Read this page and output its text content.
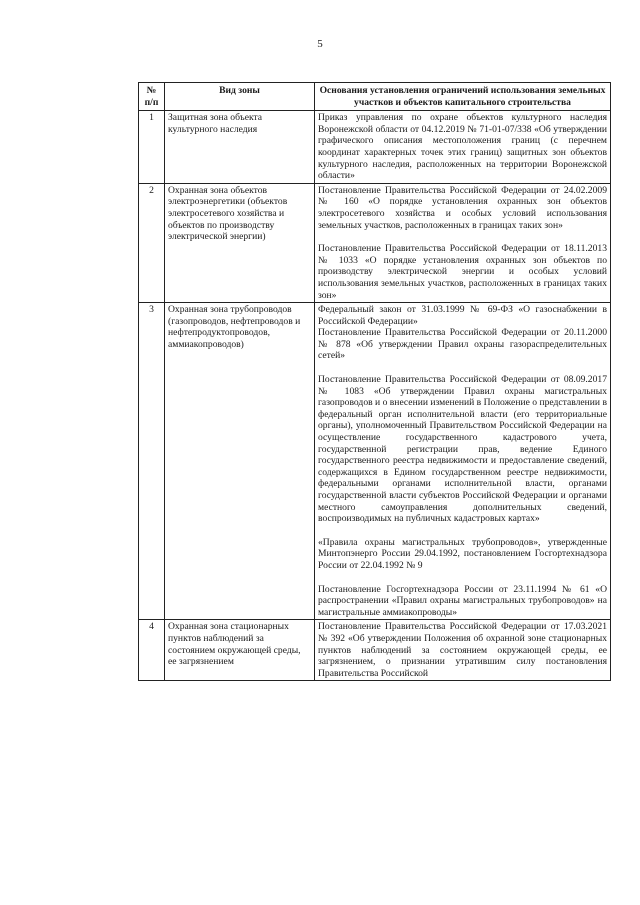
5
№ п/п	Вид зоны	Основания установления ограничений использования земельных участков и объектов капитального строительства
1	Защитная зона объекта культурного наследия	Приказ управления по охране объектов культурного наследия Воронежской области от 04.12.2019 № 71-01-07/338 «Об утверждении графического описания местоположения границ (с перечнем координат характерных точек этих границ) защитных зон объектов культурного наследия, расположенных на территории Воронежской области»

2	Охранная зона объектов электроэнергетики (объектов электросетевого хозяйства и объектов по производству электрической энергии)	Постановление Правительства Российской Федерации от 24.02.2009 № 160 «О порядке установления охранных зон объектов электросетевого хозяйства и особых условий использования земельных участков, расположенных в границах таких зон»

Постановление Правительства Российской Федерации от 18.11.2013 № 1033 «О порядке установления охранных зон объектов по производству электрической энергии и особых условий использования земельных участков, расположенных в границах таких зон»

3	Охранная зона трубопроводов (газопроводов, нефтепроводов и нефтепродуктопроводов, аммиакопроводов)	Федеральный закон от 31.03.1999 № 69-ФЗ «О газоснабжении в Российской Федерации»

Постановление Правительства Российской Федерации от 20.11.2000 № 878 «Об утверждении Правил охраны газораспределительных сетей»

Постановление Правительства Российской Федерации от 08.09.2017 № 1083 «Об утверждении Правил охраны магистральных газопроводов и о внесении изменений в Положение о представлении в федеральный орган исполнительной власти (его территориальные органы), уполномоченный Правительством Российской Федерации на осуществление государственного кадастрового учета, государственной регистрации прав, ведение Единого государственного реестра недвижимости и предоставление сведений, содержащихся в Едином государственном реестре недвижимости, федеральными органами исполнительной власти, органами государственной власти субъектов Российской Федерации и органами местного самоуправления дополнительных сведений, воспроизводимых на публичных кадастровых картах»

«Правила охраны магистральных трубопроводов», утвержденные Минтопэнерго России 29.04.1992, постановлением Госгортехнадзора России от 22.04.1992 № 9

Постановление Госгортехнадзора России от 23.11.1994 № 61 «О распространении «Правил охраны магистральных трубопроводов» на магистральные аммиакопроводы»

4	Охранная зона стационарных пунктов наблюдений за состоянием окружающей среды, ее загрязнением	Постановление Правительства Российской Федерации от 17.03.2021 № 392 «Об утверждении Положения об охранной зоне стационарных пунктов наблюдений за состоянием окружающей среды, ее загрязнением, о признании утратившим силу постановления Правительства Российской
